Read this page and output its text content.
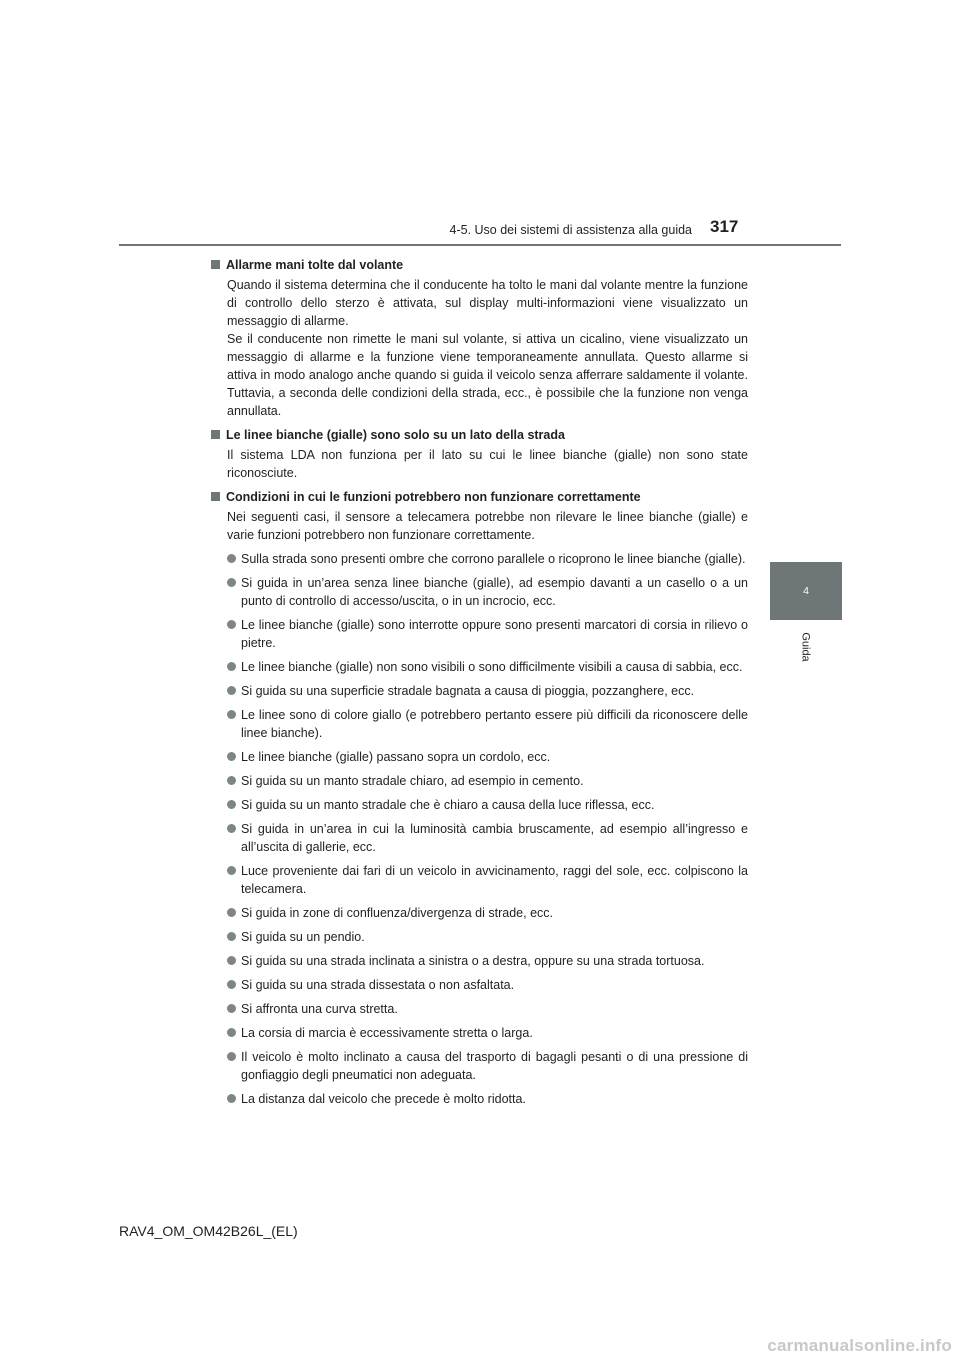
4-5. Uso dei sistemi di assistenza alla guida 317
4
Guida
Allarme mani tolte dal volante
Quando il sistema determina che il conducente ha tolto le mani dal volante mentre la funzione di controllo dello sterzo è attivata, sul display multi-informazioni viene visualizzato un messaggio di allarme.
Se il conducente non rimette le mani sul volante, si attiva un cicalino, viene visualizzato un messaggio di allarme e la funzione viene temporaneamente annullata. Questo allarme si attiva in modo analogo anche quando si guida il veicolo senza afferrare saldamente il volante. Tuttavia, a seconda delle condizioni della strada, ecc., è possibile che la funzione non venga annullata.
Le linee bianche (gialle) sono solo su un lato della strada
Il sistema LDA non funziona per il lato su cui le linee bianche (gialle) non sono state riconosciute.
Condizioni in cui le funzioni potrebbero non funzionare correttamente
Nei seguenti casi, il sensore a telecamera potrebbe non rilevare le linee bianche (gialle) e varie funzioni potrebbero non funzionare correttamente.
Sulla strada sono presenti ombre che corrono parallele o ricoprono le linee bianche (gialle).
Si guida in un’area senza linee bianche (gialle), ad esempio davanti a un casello o a un punto di controllo di accesso/uscita, o in un incrocio, ecc.
Le linee bianche (gialle) sono interrotte oppure sono presenti marcatori di corsia in rilievo o pietre.
Le linee bianche (gialle) non sono visibili o sono difficilmente visibili a causa di sabbia, ecc.
Si guida su una superficie stradale bagnata a causa di pioggia, pozzanghere, ecc.
Le linee sono di colore giallo (e potrebbero pertanto essere più difficili da riconoscere delle linee bianche).
Le linee bianche (gialle) passano sopra un cordolo, ecc.
Si guida su un manto stradale chiaro, ad esempio in cemento.
Si guida su un manto stradale che è chiaro a causa della luce riflessa, ecc.
Si guida in un’area in cui la luminosità cambia bruscamente, ad esempio all’ingresso e all’uscita di gallerie, ecc.
Luce proveniente dai fari di un veicolo in avvicinamento, raggi del sole, ecc. colpiscono la telecamera.
Si guida in zone di confluenza/divergenza di strade, ecc.
Si guida su un pendio.
Si guida su una strada inclinata a sinistra o a destra, oppure su una strada tortuosa.
Si guida su una strada dissestata o non asfaltata.
Si affronta una curva stretta.
La corsia di marcia è eccessivamente stretta o larga.
Il veicolo è molto inclinato a causa del trasporto di bagagli pesanti o di una pressione di gonfiaggio degli pneumatici non adeguata.
La distanza dal veicolo che precede è molto ridotta.
RAV4_OM_OM42B26L_(EL)
carmanualsonline.info
